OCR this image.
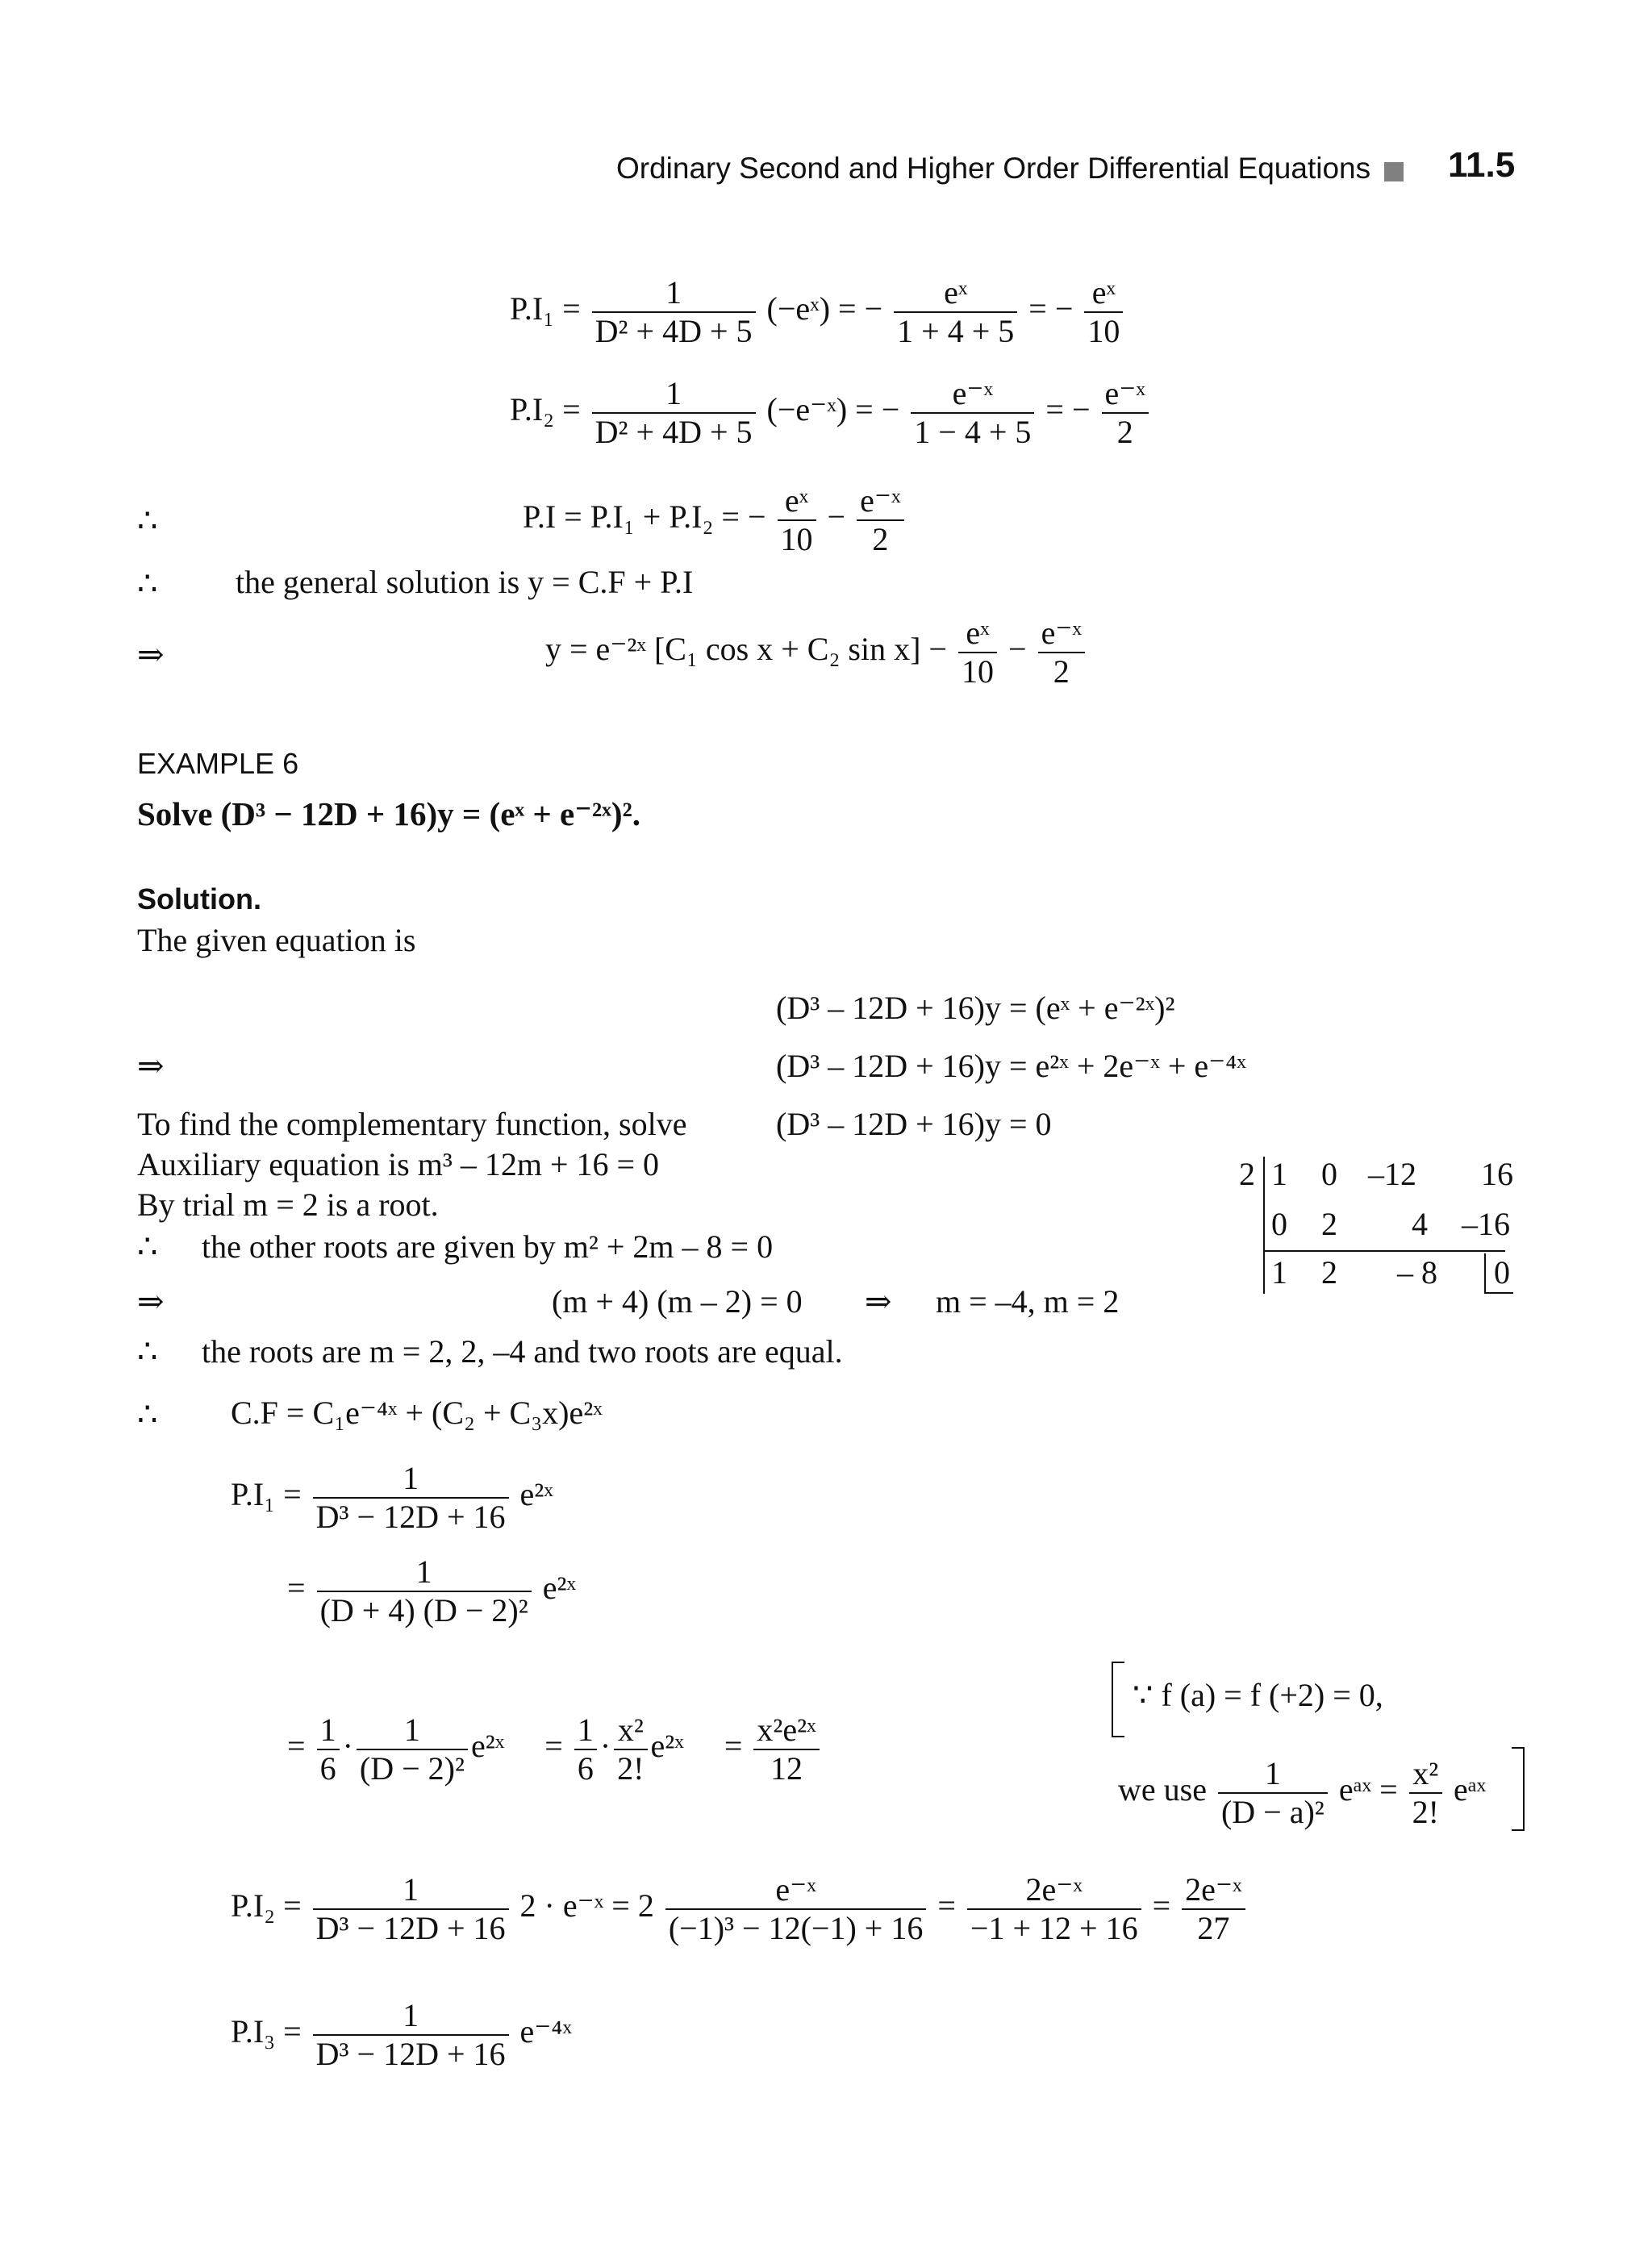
Ordinary Second and Higher Order Differential Equations 11.5
$P.I_1 = \frac{1}{\text{D² + 4D + 5}}$ (−eˣ) = − $\frac{\text{eˣ}}{1 + 4 + 5}$ = − $\frac{\text{eˣ}}{10}$
$P.I_2 = \frac{1}{\text{D² + 4D + 5}}$ (−e⁻ˣ) = − $\frac{\text{e⁻ˣ}}{1 - 4 + 5}$ = − $\frac{\text{e⁻ˣ}}{2}$
∴	P.I = P.I₁ + P.I₂ = − $\frac{\text{eˣ}}{10} - \frac{\text{e⁻ˣ}}{2}$
∴ the general solution is y = C.F + P.I
⇒	y = e⁻²ˣ [C₁ cos x + C₂ $\sin x] - \frac{\text{eˣ}}{10} - \frac{\text{e⁻ˣ}}{2}$
EXAMPLE 6
Solve (D³ − 12D + 16)y = (eˣ + e⁻²ˣ)².
Solution.
The given equation is
(D³ – 12D + 16)y = (eˣ + e⁻²ˣ)²
⇒	(D³ – 12D + 16)y = e²ˣ + 2e⁻ˣ + e⁻⁴ˣ
To find the complementary function, solve	(D³ – 12D + 16)y = 0
Auxiliary equation is m³ – 12m + 16 = 0
By trial m = 2 is a root.
∴ the other roots are given by m² + 2m – 8 = 0
⇒	(m + 4) (m – 2) = 0 ⇒ m = –4, m = 2
∴ the roots are m = 2, 2, –4 and two roots are equal.
∴ C.F = C₁e⁻⁴ˣ + (C₂ + C₃x)e²ˣ
2 1 0 –12 16
0 2 4 –16
1 2 – 8 0
$P.I_1 = \frac{1}{\text{D³ − 12D + 16}}$ e²ˣ
= $\frac{1}{\text{(D + 4) (D − 2)²}}$ e²ˣ
= $\frac{1}{6} \cdot \frac{1}{\text{(D − 2)²}}$ e²ˣ = $\frac{1}{6} \cdot \frac{\text{x²}}{2!}$ e²ˣ = $\frac{\text{x²e²ˣ}}{12}$
∵ f (a) = f (+2) = 0,
we use $\frac{1}{\text{(D − a)²}}$ eᵃˣ = $\frac{\text{x²}}{2!}$ eᵃˣ
$P.I_2 = \frac{1}{\text{D³ − 12D + 16}} 2$ · e⁻ˣ = $2 \frac{\text{e⁻ˣ}}{\text{(−1)³ − 12(−1) + 16}} = \frac{\text{2e⁻ˣ}}{-1 + 12 + 16} = \frac{\text{2e⁻ˣ}}{27}$
$P.I_3 = \frac{1}{\text{D³ − 12D + 16}}$ e⁻⁴ˣ
